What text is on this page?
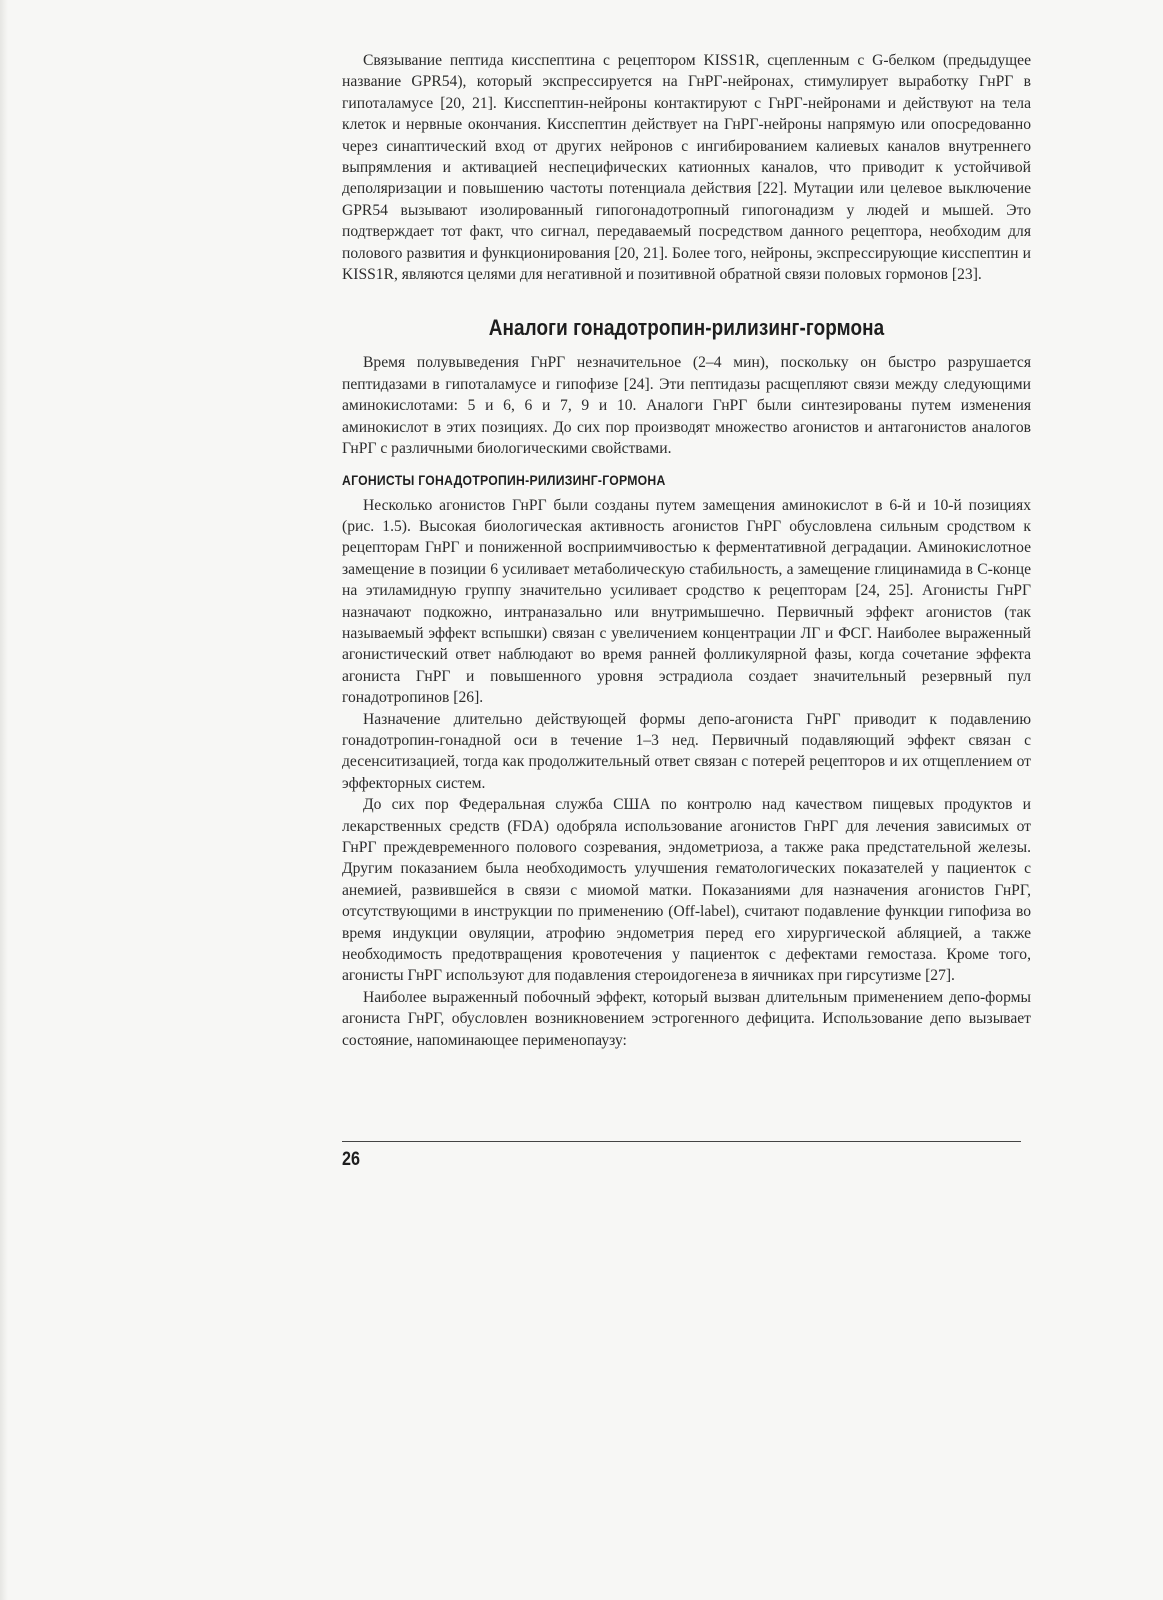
Связывание пептида кисспептина с рецептором KISS1R, сцепленным с G-белком (предыдущее название GPR54), который экспрессируется на ГнРГ-нейронах, стимулирует выработку ГнРГ в гипоталамусе [20, 21]. Кисспептин-нейроны контактируют с ГнРГ-нейронами и действуют на тела клеток и нервные окончания. Кисспептин действует на ГнРГ-нейроны напрямую или опосредованно через синаптический вход от других нейронов с ингибированием калиевых каналов внутреннего выпрямления и активацией неспецифических катионных каналов, что приводит к устойчивой деполяризации и повышению частоты потенциала действия [22]. Мутации или целевое выключение GPR54 вызывают изолированный гипогонадотропный гипогонадизм у людей и мышей. Это подтверждает тот факт, что сигнал, передаваемый посредством данного рецептора, необходим для полового развития и функционирования [20, 21]. Более того, нейроны, экспрессирующие кисспептин и KISS1R, являются целями для негативной и позитивной обратной связи половых гормонов [23].

Аналоги гонадотропин-рилизинг-гормона

Время полувыведения ГнРГ незначительное (2–4 мин), поскольку он быстро разрушается пептидазами в гипоталамусе и гипофизе [24]. Эти пептидазы расщепляют связи между следующими аминокислотами: 5 и 6, 6 и 7, 9 и 10. Аналоги ГнРГ были синтезированы путем изменения аминокислот в этих позициях. До сих пор производят множество агонистов и антагонистов аналогов ГнРГ с различными биологическими свойствами.

АГОНИСТЫ ГОНАДОТРОПИН-РИЛИЗИНГ-ГОРМОНА

Несколько агонистов ГнРГ были созданы путем замещения аминокислот в 6-й и 10-й позициях (рис. 1.5). Высокая биологическая активность агонистов ГнРГ обусловлена сильным сродством к рецепторам ГнРГ и пониженной восприимчивостью к ферментативной деградации. Аминокислотное замещение в позиции 6 усиливает метаболическую стабильность, а замещение глицинамида в С-конце на этиламидную группу значительно усиливает сродство к рецепторам [24, 25]. Агонисты ГнРГ назначают подкожно, интраназально или внутримышечно. Первичный эффект агонистов (так называемый эффект вспышки) связан с увеличением концентрации ЛГ и ФСГ. Наиболее выраженный агонистический ответ наблюдают во время ранней фолликулярной фазы, когда сочетание эффекта агониста ГнРГ и повышенного уровня эстрадиола создает значительный резервный пул гонадотропинов [26].

Назначение длительно действующей формы депо-агониста ГнРГ приводит к подавлению гонадотропин-гонадной оси в течение 1–3 нед. Первичный подавляющий эффект связан с десенситизацией, тогда как продолжительный ответ связан с потерей рецепторов и их отщеплением от эффекторных систем.

До сих пор Федеральная служба США по контролю над качеством пищевых продуктов и лекарственных средств (FDA) одобряла использование агонистов ГнРГ для лечения зависимых от ГнРГ преждевременного полового созревания, эндометриоза, а также рака предстательной железы. Другим показанием была необходимость улучшения гематологических показателей у пациенток с анемией, развившейся в связи с миомой матки. Показаниями для назначения агонистов ГнРГ, отсутствующими в инструкции по применению (Off-label), считают подавление функции гипофиза во время индукции овуляции, атрофию эндометрия перед его хирургической абляцией, а также необходимость предотвращения кровотечения у пациенток с дефектами гемостаза. Кроме того, агонисты ГнРГ используют для подавления стероидогенеза в яичниках при гирсутизме [27].

Наиболее выраженный побочный эффект, который вызван длительным применением депо-формы агониста ГнРГ, обусловлен возникновением эстрогенного дефицита. Использование депо вызывает состояние, напоминающее перименопаузу:

26
